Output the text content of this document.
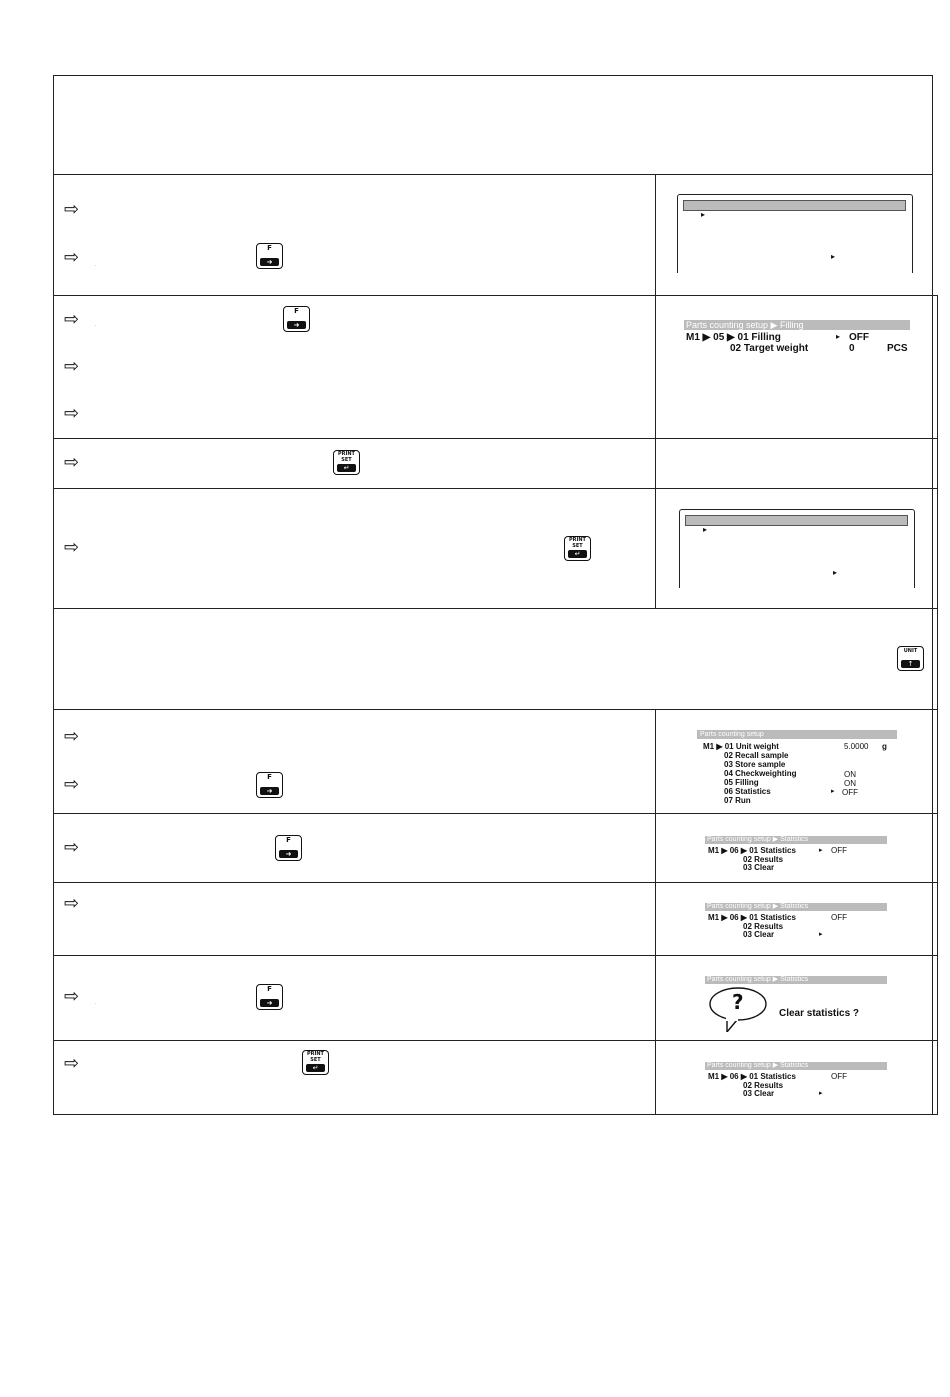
⇨
⇨	˙
⇨	˙
⇨
⇨
⇨
⇨
⇨
⇨
⇨
⇨
⇨	˙
⇨
F
➜
F
➜
PRINT
SET
↵
PRINT
SET
↵
UNIT
↑
F
➜
F
➜
F
➜
PRINT
SET
↵
▸
▸
Parts counting setup ▶ Filling
M1 ▶ 05 ▶ 01 Filling	▸ OFF
02 Target weight	0	PCS
▸
▸
Parts counting setup
M1 ▶ 01 Unit weight	5.0000 g
02 Recall sample
03 Store sample
04 Checkweighting	ON
05 Filling	ON
06 Statistics	▸ OFF
07 Run
Parts counting setup ▶ Statistics
M1 ▶ 06 ▶ 01 Statistics	▸ OFF
02 Results
03 Clear
Parts counting setup ▶ Statistics
M1 ▶ 06 ▶ 01 Statistics	OFF
02 Results
03 Clear	▸
Parts counting setup ▶ Statistics
?	Clear statistics ?
Parts counting setup ▶ Statistics
M1 ▶ 06 ▶ 01 Statistics	OFF
02 Results
03 Clear	▸
